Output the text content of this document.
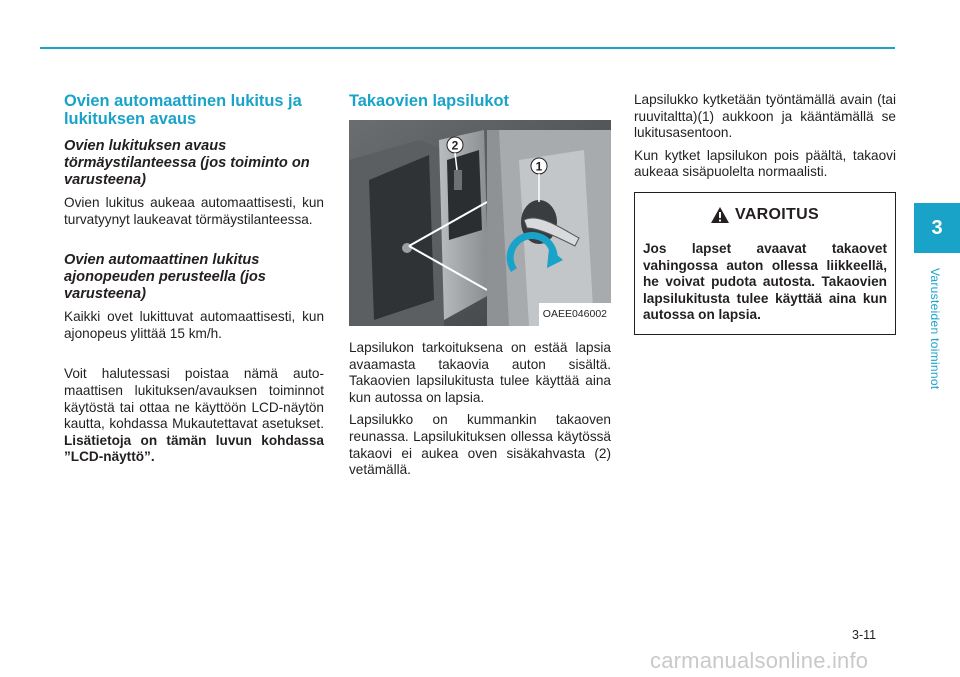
Ovien automaattinen lukitus ja lukituksen avaus
Ovien lukituksen avaus törmäystilanteessa (jos toiminto on varusteena)

Ovien lukitus aukeaa automaattisesti, kun turvatyynyt laukeavat törmäystilanteessa.

Ovien automaattinen lukitus ajonopeuden perusteella (jos varusteena)

Kaikki ovet lukittuvat automaattisesti, kun ajonopeus ylittää 15 km/h.

Voit halutessasi poistaa nämä automaattisen lukituksen/avauksen toiminnot käytöstä tai ottaa ne käyttöön LCD-näytön kautta, kohdassa Mukautettavat asetukset. Lisätietoja on tämän luvun kohdassa ”LCD-näyttö”.

Takaovien lapsilukot
2
1
OAEE046002

Lapsilukon tarkoituksena on estää lapsia avaamasta takaovia auton sisältä. Takaovien lapsilukitusta tulee käyttää aina kun autossa on lapsia.

Lapsilukko on kummankin takaoven reunassa. Lapsilukituksen ollessa käytössä takaovi ei aukea oven sisäkahvasta (2) vetämällä.

Lapsilukko kytketään työntämällä avain (tai ruuvitaltta)(1) aukkoon ja kääntämällä se lukitusasentoon.

Kun kytket lapsilukon pois päältä, takaovi aukeaa sisäpuolelta normaalisti.

VAROITUS
Jos lapset avaavat takaovet vahingossa auton ollessa liikkeellä, he voivat pudota autosta. Takaovien lapsilukitusta tulee käyttää aina kun autossa on lapsia.
3
Varusteiden toiminnot
3-11
carmanualsonline.info
